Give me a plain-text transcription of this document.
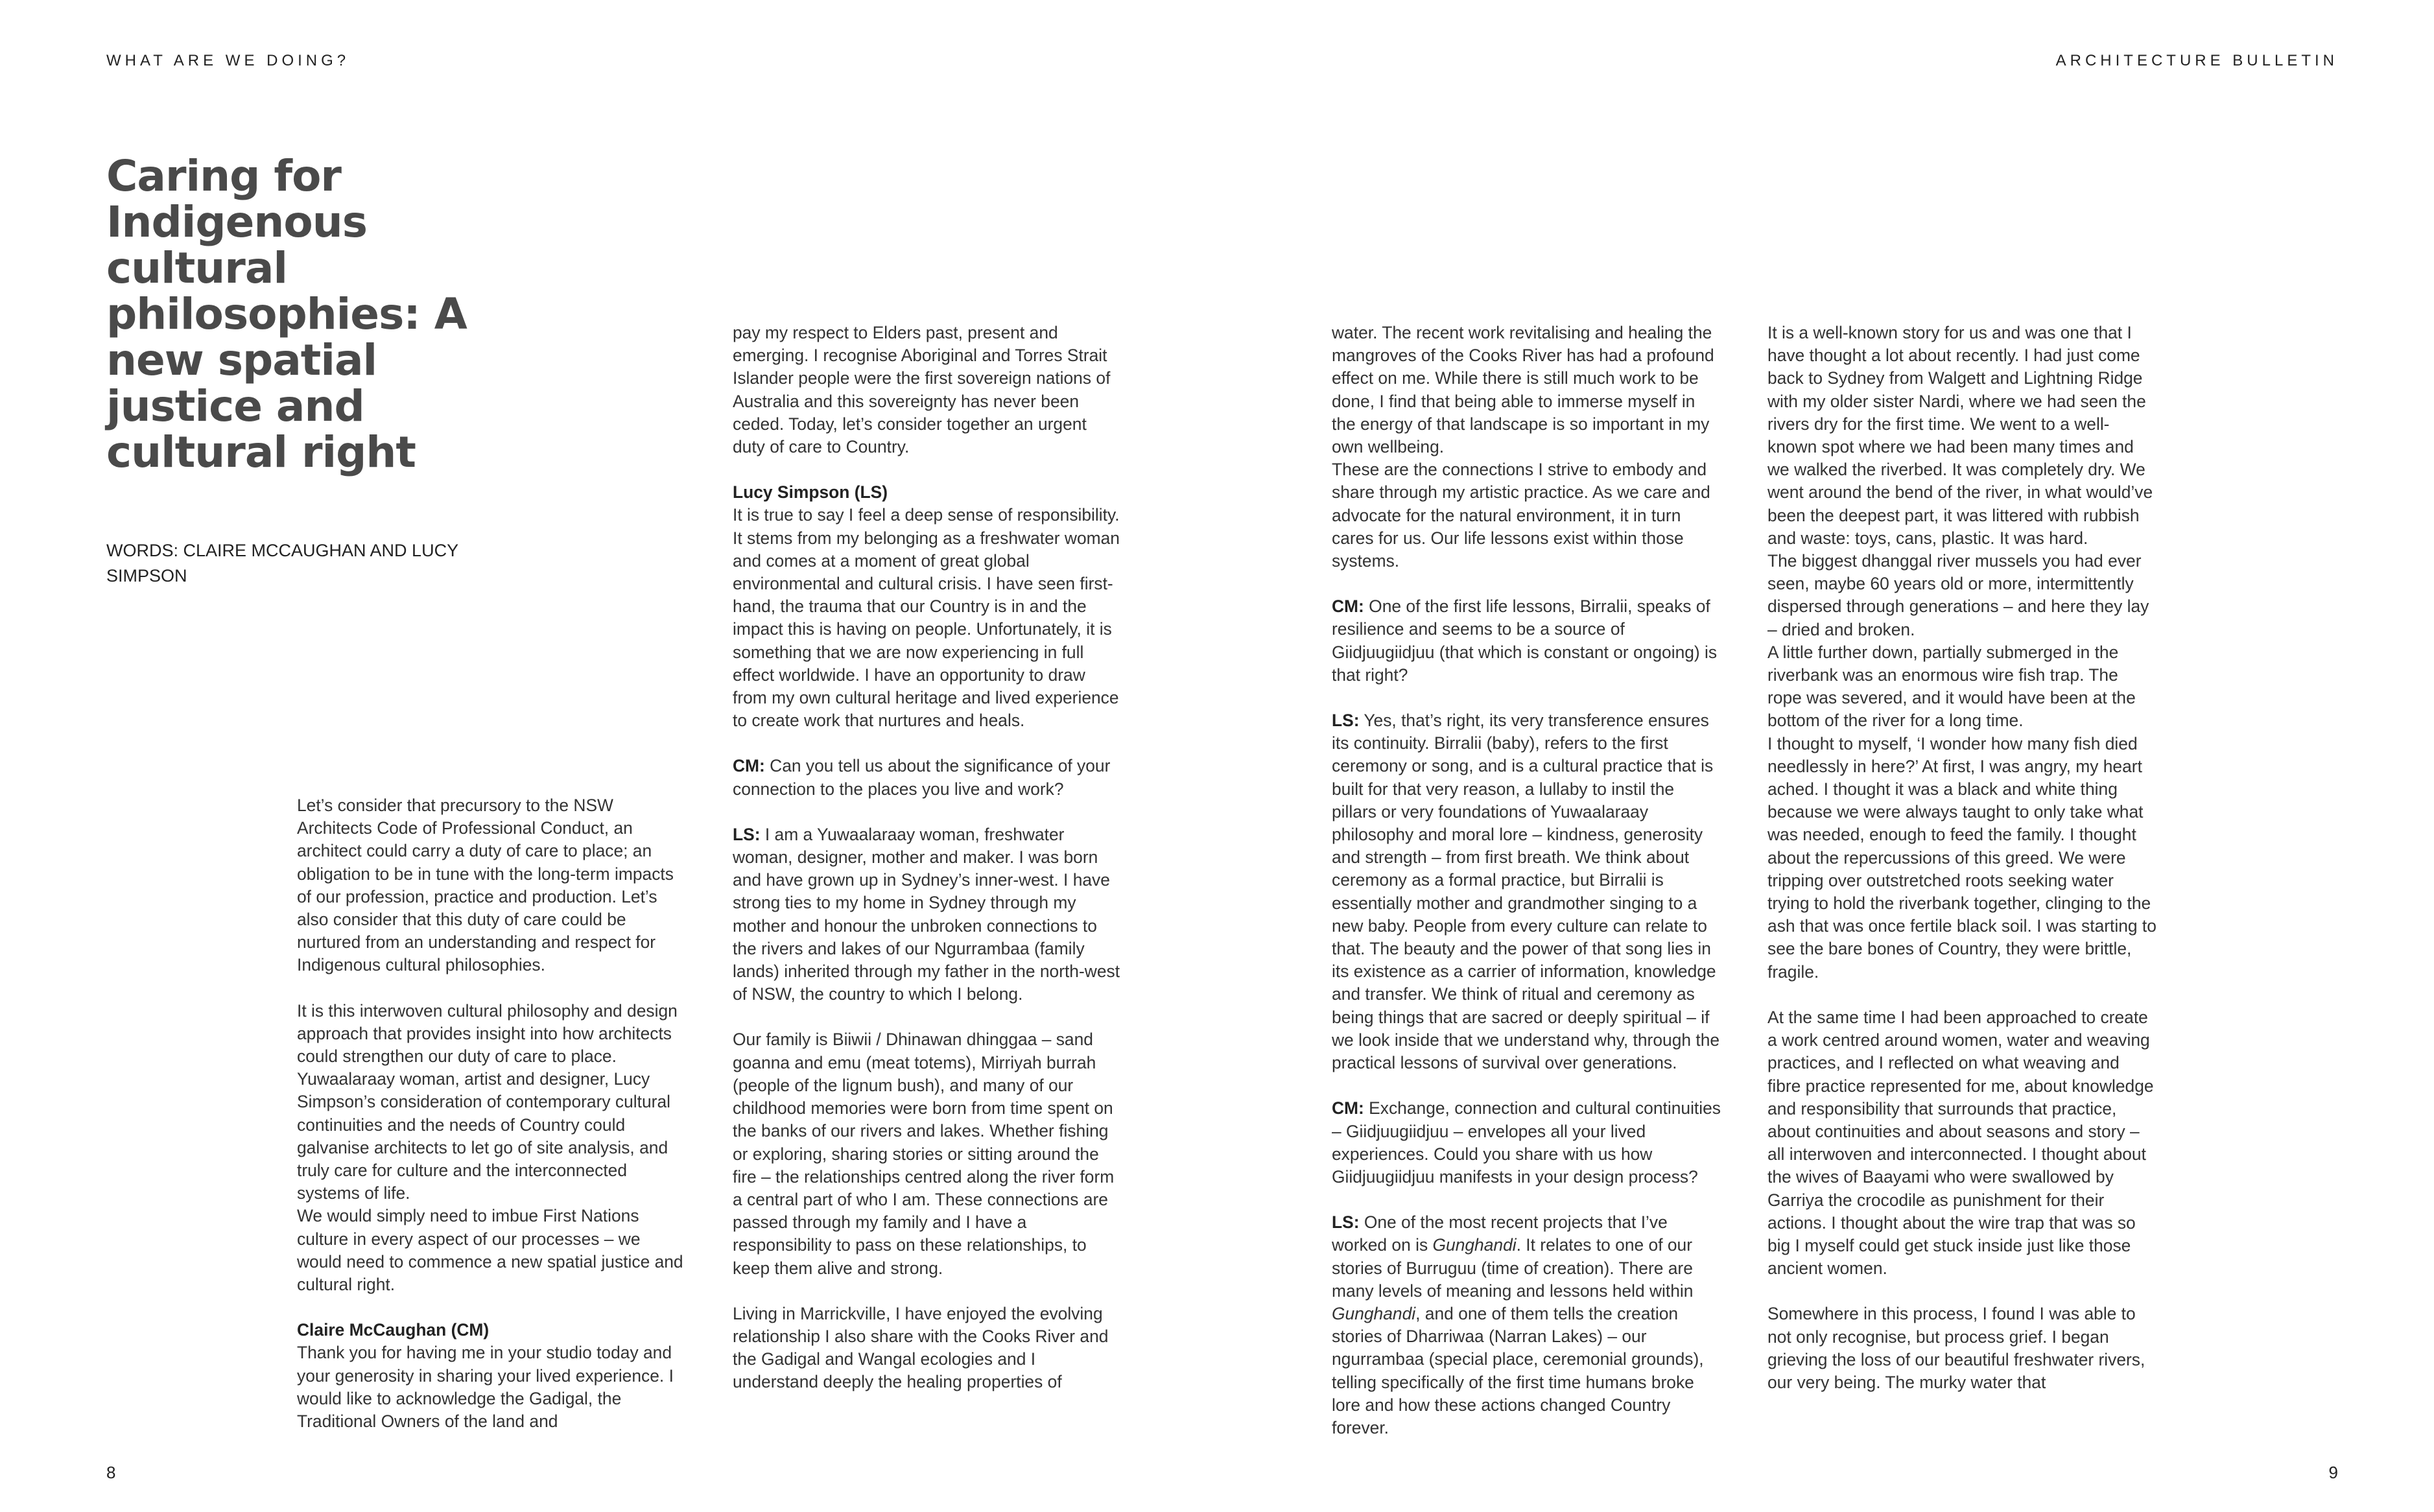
WHAT ARE WE DOING?	ARCHITECTURE BULLETIN
Caring for Indigenous cultural philosophies: A new spatial justice and cultural right
WORDS: CLAIRE MCCAUGHAN AND LUCY SIMPSON

Let’s consider that precursory to the NSW Architects Code of Professional Conduct, an architect could carry a duty of care to place; an obligation to be in tune with the long-term impacts of our profession, practice and production. Let’s also consider that this duty of care could be nurtured from an understanding and respect for Indigenous cultural philosophies.

It is this interwoven cultural philosophy and design approach that provides insight into how architects could strengthen our duty of care to place. Yuwaalaraay woman, artist and designer, Lucy Simpson’s consideration of contemporary cultural continuities and the needs of Country could galvanise architects to let go of site analysis, and truly care for culture and the interconnected systems of life.

We would simply need to imbue First Nations culture in every aspect of our processes – we would need to commence a new spatial justice and cultural right.

Claire McCaughan (CM)

Thank you for having me in your studio today and your generosity in sharing your lived experience. I would like to acknowledge the Gadigal, the Traditional Owners of the land and

pay my respect to Elders past, present and emerging. I recognise Aboriginal and Torres Strait Islander people were the first sovereign nations of Australia and this sovereignty has never been ceded. Today, let’s consider together an urgent duty of care to Country.

Lucy Simpson (LS)

It is true to say I feel a deep sense of responsibility. It stems from my belonging as a freshwater woman and comes at a moment of great global environmental and cultural crisis. I have seen first-hand, the trauma that our Country is in and the impact this is having on people. Unfortunately, it is something that we are now experiencing in full effect worldwide. I have an opportunity to draw from my own cultural heritage and lived experience to create work that nurtures and heals.

CM: Can you tell us about the significance of your connection to the places you live and work?

LS: I am a Yuwaalaraay woman, freshwater woman, designer, mother and maker. I was born and have grown up in Sydney’s inner-west. I have strong ties to my home in Sydney through my mother and honour the unbroken connections to the rivers and lakes of our Ngurrambaa (family lands) inherited through my father in the north-west of NSW, the country to which I belong.

Our family is Biiwii / Dhinawan dhinggaa – sand goanna and emu (meat totems), Mirriyah burrah (people of the lignum bush), and many of our childhood memories were born from time spent on the banks of our rivers and lakes. Whether fishing or exploring, sharing stories or sitting around the fire – the relationships centred along the river form a central part of who I am. These connections are passed through my family and I have a responsibility to pass on these relationships, to keep them alive and strong.

Living in Marrickville, I have enjoyed the evolving relationship I also share with the Cooks River and the Gadigal and Wangal ecologies and I understand deeply the healing properties of

water. The recent work revitalising and healing the mangroves of the Cooks River has had a profound effect on me. While there is still much work to be done, I find that being able to immerse myself in the energy of that landscape is so important in my own wellbeing.

These are the connections I strive to embody and share through my artistic practice. As we care and advocate for the natural environment, it in turn cares for us. Our life lessons exist within those systems.

CM: One of the first life lessons, Birralii, speaks of resilience and seems to be a source of Giidjuugiidjuu (that which is constant or ongoing) is that right?

LS: Yes, that’s right, its very transference ensures its continuity. Birralii (baby), refers to the first ceremony or song, and is a cultural practice that is built for that very reason, a lullaby to instil the pillars or very foundations of Yuwaalaraay philosophy and moral lore – kindness, generosity and strength – from first breath. We think about ceremony as a formal practice, but Birralii is essentially mother and grandmother singing to a new baby. People from every culture can relate to that. The beauty and the power of that song lies in its existence as a carrier of information, knowledge and transfer. We think of ritual and ceremony as being things that are sacred or deeply spiritual – if we look inside that we understand why, through the practical lessons of survival over generations.

CM: Exchange, connection and cultural continuities – Giidjuugiidjuu – envelopes all your lived experiences. Could you share with us how Giidjuugiidjuu manifests in your design process?

LS: One of the most recent projects that I’ve worked on is Gunghandi. It relates to one of our stories of Burruguu (time of creation). There are many levels of meaning and lessons held within Gunghandi, and one of them tells the creation stories of Dharriwaa (Narran Lakes) – our ngurrambaa (special place, ceremonial grounds), telling specifically of the first time humans broke lore and how these actions changed Country forever.

It is a well-known story for us and was one that I have thought a lot about recently. I had just come back to Sydney from Walgett and Lightning Ridge with my older sister Nardi, where we had seen the rivers dry for the first time. We went to a well-known spot where we had been many times and we walked the riverbed. It was completely dry. We went around the bend of the river, in what would’ve been the deepest part, it was littered with rubbish and waste: toys, cans, plastic. It was hard.

The biggest dhanggal river mussels you had ever seen, maybe 60 years old or more, intermittently dispersed through generations – and here they lay – dried and broken.

A little further down, partially submerged in the riverbank was an enormous wire fish trap. The rope was severed, and it would have been at the bottom of the river for a long time.

I thought to myself, ‘I wonder how many fish died needlessly in here?’ At first, I was angry, my heart ached. I thought it was a black and white thing because we were always taught to only take what was needed, enough to feed the family. I thought about the repercussions of this greed. We were tripping over outstretched roots seeking water trying to hold the riverbank together, clinging to the ash that was once fertile black soil. I was starting to see the bare bones of Country, they were brittle, fragile.

At the same time I had been approached to create a work centred around women, water and weaving practices, and I reflected on what weaving and fibre practice represented for me, about knowledge and responsibility that surrounds that practice, about continuities and about seasons and story – all interwoven and interconnected. I thought about the wives of Baayami who were swallowed by Garriya the crocodile as punishment for their actions. I thought about the wire trap that was so big I myself could get stuck inside just like those ancient women.

Somewhere in this process, I found I was able to not only recognise, but process grief. I began grieving the loss of our beautiful freshwater rivers, our very being. The murky water that

8	9
